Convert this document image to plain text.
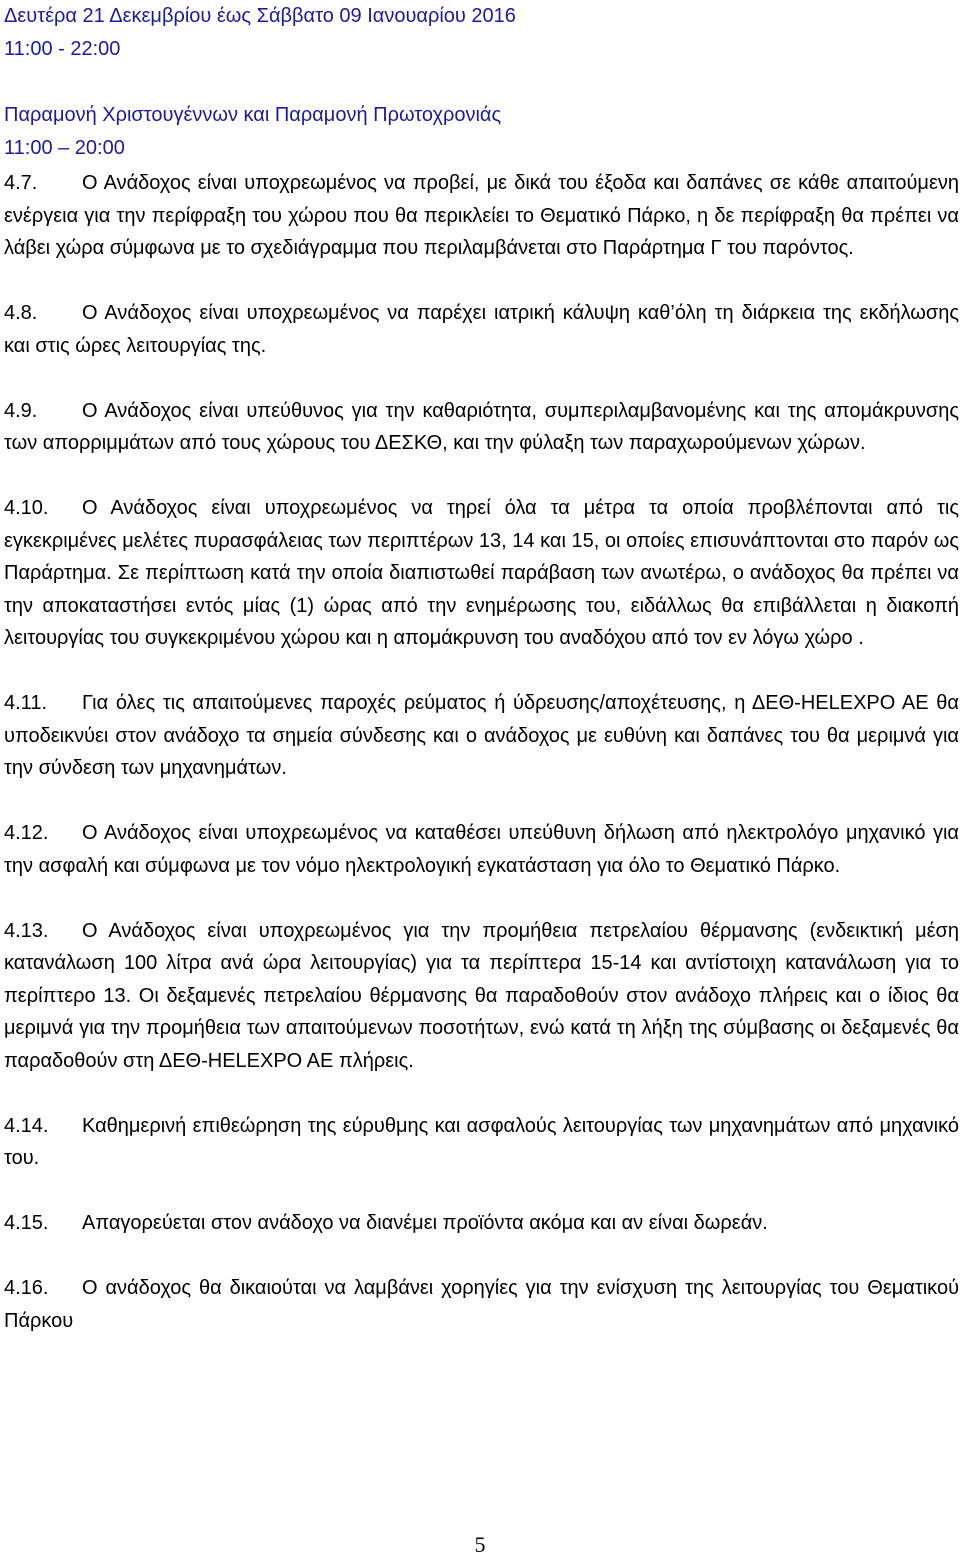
Δευτέρα 21 Δεκεμβρίου έως Σάββατο 09 Ιανουαρίου 2016
11:00 - 22:00
Παραμονή Χριστουγέννων και Παραμονή Πρωτοχρονιάς
11:00 – 20:00

4.7. Ο Ανάδοχος είναι υποχρεωμένος να προβεί, με δικά του έξοδα και δαπάνες σε κάθε απαιτούμενη ενέργεια για την περίφραξη του χώρου που θα περικλείει το Θεματικό Πάρκο, η δε περίφραξη θα πρέπει να λάβει χώρα σύμφωνα με το σχεδιάγραμμα που περιλαμβάνεται στο Παράρτημα Γ του παρόντος.

4.8. Ο Ανάδοχος είναι υποχρεωμένος να παρέχει ιατρική κάλυψη καθ’όλη τη διάρκεια της εκδήλωσης και στις ώρες λειτουργίας της.

4.9. Ο Ανάδοχος είναι υπεύθυνος για την καθαριότητα, συμπεριλαμβανομένης και της απομάκρυνσης των απορριμμάτων από τους χώρους του ΔΕΣΚΘ, και την φύλαξη των παραχωρούμενων χώρων.

4.10. Ο Ανάδοχος είναι υποχρεωμένος να τηρεί όλα τα μέτρα τα οποία προβλέπονται από τις εγκεκριμένες μελέτες πυρασφάλειας των περιπτέρων 13, 14 και 15, οι οποίες επισυνάπτονται στο παρόν ως Παράρτημα. Σε περίπτωση κατά την οποία διαπιστωθεί παράβαση των ανωτέρω, ο ανάδοχος θα πρέπει να την αποκαταστήσει εντός μίας (1) ώρας από την ενημέρωσης του, ειδάλλως θα επιβάλλεται η διακοπή λειτουργίας του συγκεκριμένου χώρου και η απομάκρυνση του αναδόχου από τον εν λόγω χώρο .

4.11. Για όλες τις απαιτούμενες παροχές ρεύματος ή ύδρευσης/αποχέτευσης, η ΔΕΘ-HELEXPO AE θα υποδεικνύει στον ανάδοχο τα σημεία σύνδεσης και ο ανάδοχος με ευθύνη και δαπάνες του θα μεριμνά για την σύνδεση των μηχανημάτων.

4.12. Ο Ανάδοχος είναι υποχρεωμένος να καταθέσει υπεύθυνη δήλωση από ηλεκτρολόγο μηχανικό για την ασφαλή και σύμφωνα με τον νόμο ηλεκτρολογική εγκατάσταση για όλο το Θεματικό Πάρκο.

4.13. Ο Ανάδοχος είναι υποχρεωμένος για την προμήθεια πετρελαίου θέρμανσης (ενδεικτική μέση κατανάλωση 100 λίτρα ανά ώρα λειτουργίας) για τα περίπτερα 15-14 και αντίστοιχη κατανάλωση για το περίπτερο 13. Οι δεξαμενές πετρελαίου θέρμανσης θα παραδοθούν στον ανάδοχο πλήρεις και ο ίδιος θα μεριμνά για την προμήθεια των απαιτούμενων ποσοτήτων, ενώ κατά τη λήξη της σύμβασης οι δεξαμενές θα παραδοθούν στη ΔΕΘ-HELEXPO AE πλήρεις.

4.14. Καθημερινή επιθεώρηση της εύρυθμης και ασφαλούς λειτουργίας των μηχανημάτων από μηχανικό του.

4.15. Απαγορεύεται στον ανάδοχο να διανέμει προϊόντα ακόμα και αν είναι δωρεάν.

4.16. Ο ανάδοχος θα δικαιούται να λαμβάνει χορηγίες για την ενίσχυση της λειτουργίας του Θεματικού Πάρκου

5
